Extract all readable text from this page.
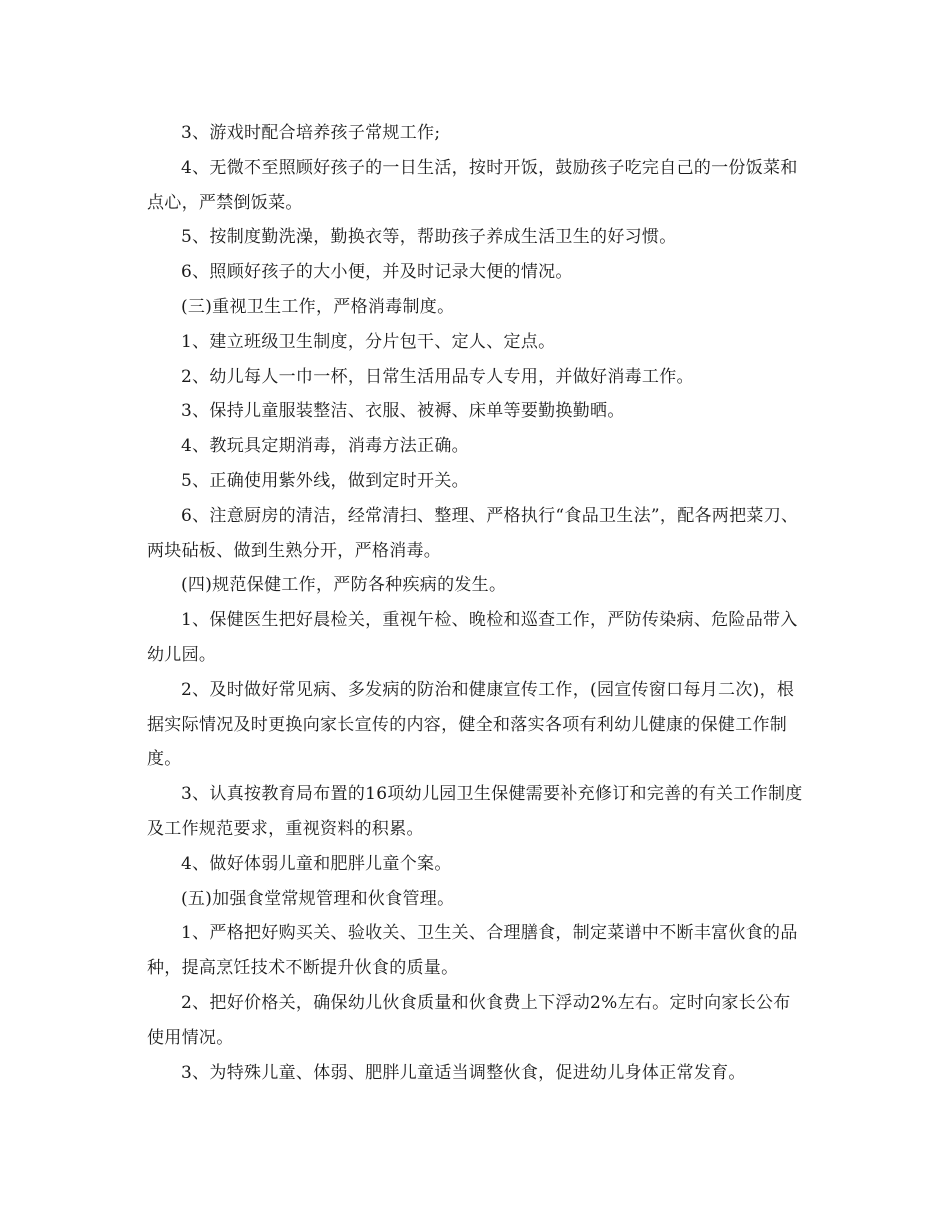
3、游戏时配合培养孩子常规工作;

4、无微不至照顾好孩子的一日生活，按时开饭，鼓励孩子吃完自己的一份饭菜和点心，严禁倒饭菜。

5、按制度勤洗澡，勤换衣等，帮助孩子养成生活卫生的好习惯。

6、照顾好孩子的大小便，并及时记录大便的情况。

(三)重视卫生工作，严格消毒制度。

1、建立班级卫生制度，分片包干、定人、定点。

2、幼儿每人一巾一杯，日常生活用品专人专用，并做好消毒工作。

3、保持儿童服装整洁、衣服、被褥、床单等要勤换勤晒。

4、教玩具定期消毒，消毒方法正确。

5、正确使用紫外线，做到定时开关。

6、注意厨房的清洁，经常清扫、整理、严格执行“食品卫生法”，配各两把菜刀、两块砧板、做到生熟分开，严格消毒。

(四)规范保健工作，严防各种疾病的发生。

1、保健医生把好晨检关，重视午检、晚检和巡查工作，严防传染病、危险品带入幼儿园。

2、及时做好常见病、多发病的防治和健康宣传工作，(园宣传窗口每月二次)，根据实际情况及时更换向家长宣传的内容，健全和落实各项有利幼儿健康的保健工作制度。

3、认真按教育局布置的16项幼儿园卫生保健需要补充修订和完善的有关工作制度及工作规范要求，重视资料的积累。

4、做好体弱儿童和肥胖儿童个案。

(五)加强食堂常规管理和伙食管理。

1、严格把好购买关、验收关、卫生关、合理膳食，制定菜谱中不断丰富伙食的品种，提高烹饪技术不断提升伙食的质量。

2、把好价格关，确保幼儿伙食质量和伙食费上下浮动2%左右。定时向家长公布使用情况。

3、为特殊儿童、体弱、肥胖儿童适当调整伙食，促进幼儿身体正常发育。
